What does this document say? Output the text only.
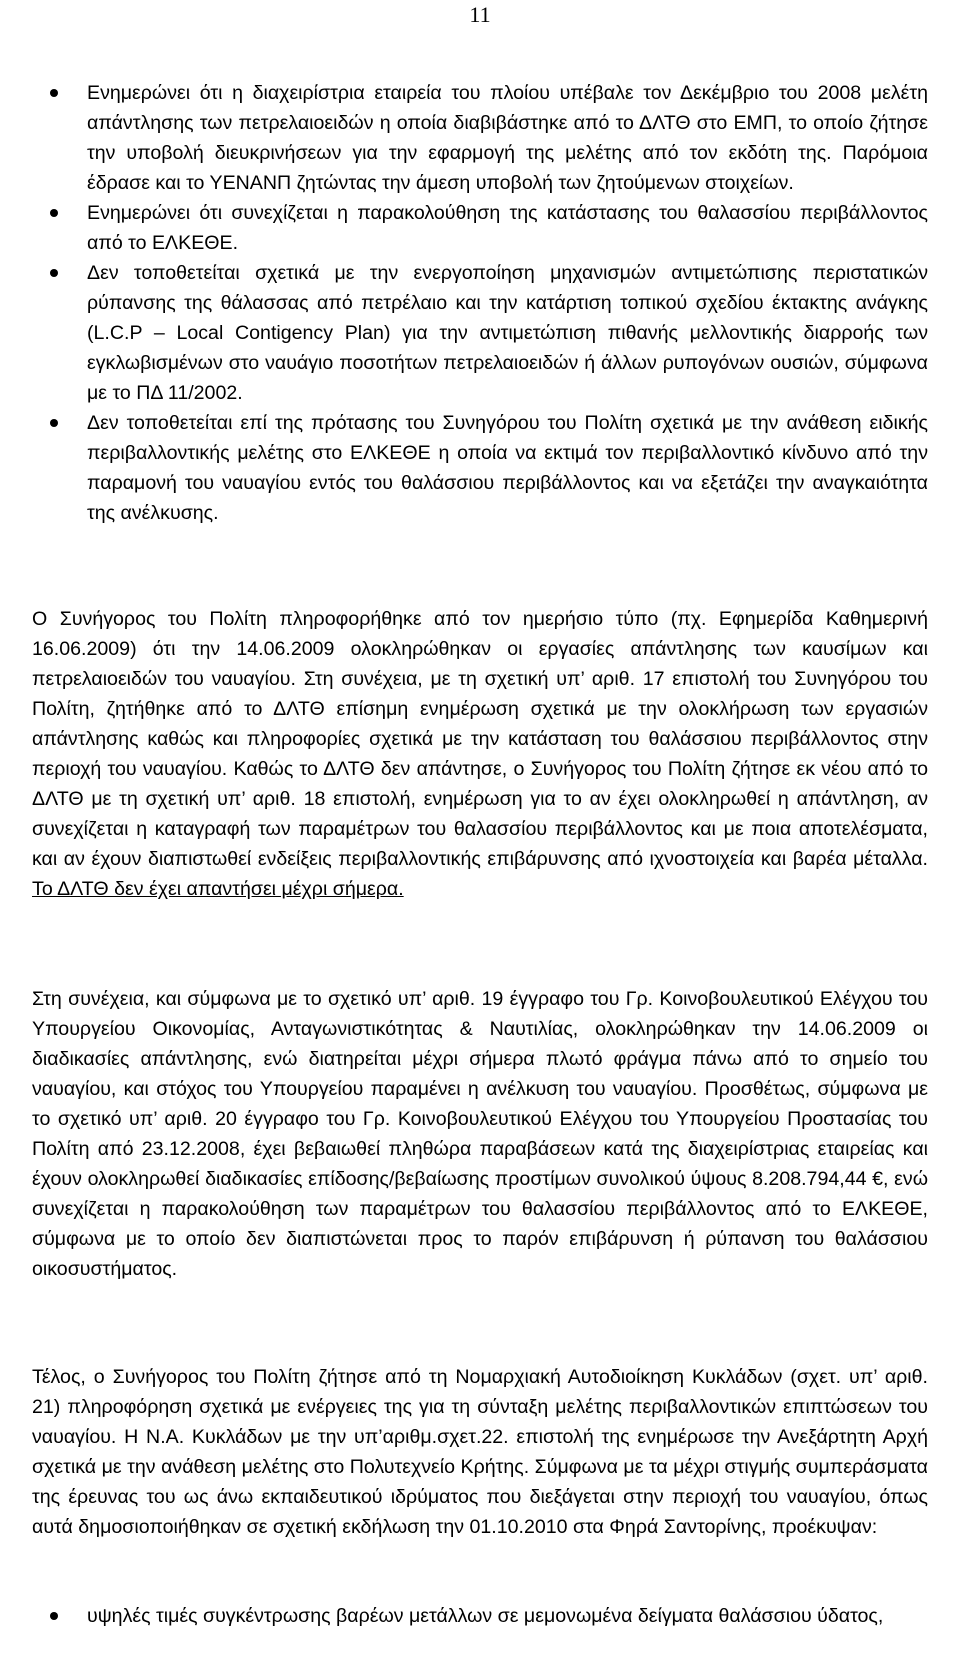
11
Ενημερώνει ότι η διαχειρίστρια εταιρεία του πλοίου υπέβαλε τον Δεκέμβριο του 2008 μελέτη απάντλησης των πετρελαιοειδών η οποία διαβιβάστηκε από το ΔΛΤΘ στο ΕΜΠ, το οποίο ζήτησε την υποβολή διευκρινήσεων για την εφαρμογή της μελέτης από τον εκδότη της. Παρόμοια έδρασε και το ΥΕΝΑΝΠ ζητώντας την άμεση υποβολή των ζητούμενων στοιχείων.
Ενημερώνει ότι συνεχίζεται η παρακολούθηση της κατάστασης του θαλασσίου περιβάλλοντος από το ΕΛΚΕΘΕ.
Δεν τοποθετείται σχετικά με την ενεργοποίηση μηχανισμών αντιμετώπισης περιστατικών ρύπανσης της θάλασσας από πετρέλαιο και την κατάρτιση τοπικού σχεδίου έκτακτης ανάγκης (L.C.P – Local Contigency Plan) για την αντιμετώπιση πιθανής μελλοντικής διαρροής των εγκλωβισμένων στο ναυάγιο ποσοτήτων πετρελαιοειδών ή άλλων ρυπογόνων ουσιών, σύμφωνα με το ΠΔ 11/2002.
Δεν τοποθετείται επί της πρότασης του Συνηγόρου του Πολίτη σχετικά με την ανάθεση ειδικής περιβαλλοντικής μελέτης στο ΕΛΚΕΘΕ η οποία να εκτιμά τον περιβαλλοντικό κίνδυνο από την παραμονή του ναυαγίου εντός του θαλάσσιου περιβάλλοντος και να εξετάζει την αναγκαιότητα της ανέλκυσης.

Ο Συνήγορος του Πολίτη πληροφορήθηκε από τον ημερήσιο τύπο (πχ. Εφημερίδα Καθημερινή 16.06.2009) ότι την 14.06.2009 ολοκληρώθηκαν οι εργασίες απάντλησης των καυσίμων και πετρελαιοειδών του ναυαγίου. Στη συνέχεια, με τη σχετική υπ’ αριθ. 17 επιστολή του Συνηγόρου του Πολίτη, ζητήθηκε από το ΔΛΤΘ επίσημη ενημέρωση σχετικά με την ολοκλήρωση των εργασιών απάντλησης καθώς και πληροφορίες σχετικά με την κατάσταση του θαλάσσιου περιβάλλοντος στην περιοχή του ναυαγίου. Καθώς το ΔΛΤΘ δεν απάντησε, ο Συνήγορος του Πολίτη ζήτησε εκ νέου από το ΔΛΤΘ με τη σχετική υπ’ αριθ. 18 επιστολή, ενημέρωση για το αν έχει ολοκληρωθεί η απάντληση, αν συνεχίζεται η καταγραφή των παραμέτρων του θαλασσίου περιβάλλοντος και με ποια αποτελέσματα, και αν έχουν διαπιστωθεί ενδείξεις περιβαλλοντικής επιβάρυνσης από ιχνοστοιχεία και βαρέα μέταλλα. Το ΔΛΤΘ δεν έχει απαντήσει μέχρι σήμερα.

Στη συνέχεια, και σύμφωνα με το σχετικό υπ’ αριθ. 19 έγγραφο του Γρ. Κοινοβουλευτικού Ελέγχου του Υπουργείου Οικονομίας, Ανταγωνιστικότητας & Ναυτιλίας, ολοκληρώθηκαν την 14.06.2009 οι διαδικασίες απάντλησης, ενώ διατηρείται μέχρι σήμερα πλωτό φράγμα πάνω από το σημείο του ναυαγίου, και στόχος του Υπουργείου παραμένει η ανέλκυση του ναυαγίου. Προσθέτως, σύμφωνα με το σχετικό υπ’ αριθ. 20 έγγραφο του Γρ. Κοινοβουλευτικού Ελέγχου του Υπουργείου Προστασίας του Πολίτη από 23.12.2008, έχει βεβαιωθεί πληθώρα παραβάσεων κατά της διαχειρίστριας εταιρείας και έχουν ολοκληρωθεί διαδικασίες επίδοσης/βεβαίωσης προστίμων συνολικού ύψους 8.208.794,44 €, ενώ συνεχίζεται η παρακολούθηση των παραμέτρων του θαλασσίου περιβάλλοντος από το ΕΛΚΕΘΕ, σύμφωνα με το οποίο δεν διαπιστώνεται προς το παρόν επιβάρυνση ή ρύπανση του θαλάσσιου οικοσυστήματος.

Τέλος, ο Συνήγορος του Πολίτη ζήτησε από τη Νομαρχιακή Αυτοδιοίκηση Κυκλάδων (σχετ. υπ’ αριθ. 21) πληροφόρηση σχετικά με ενέργειες της για τη σύνταξη μελέτης περιβαλλοντικών επιπτώσεων του ναυαγίου. Η Ν.Α. Κυκλάδων με την υπ’αριθμ.σχετ.22. επιστολή της ενημέρωσε την Ανεξάρτητη Αρχή σχετικά με την ανάθεση μελέτης στο Πολυτεχνείο Κρήτης. Σύμφωνα με τα μέχρι στιγμής συμπεράσματα της έρευνας του ως άνω εκπαιδευτικού ιδρύματος που διεξάγεται στην περιοχή του ναυαγίου, όπως αυτά δημοσιοποιήθηκαν σε σχετική εκδήλωση την 01.10.2010 στα Φηρά Σαντορίνης, προέκυψαν:

υψηλές τιμές συγκέντρωσης βαρέων μετάλλων σε μεμονωμένα δείγματα θαλάσσιου ύδατος,
